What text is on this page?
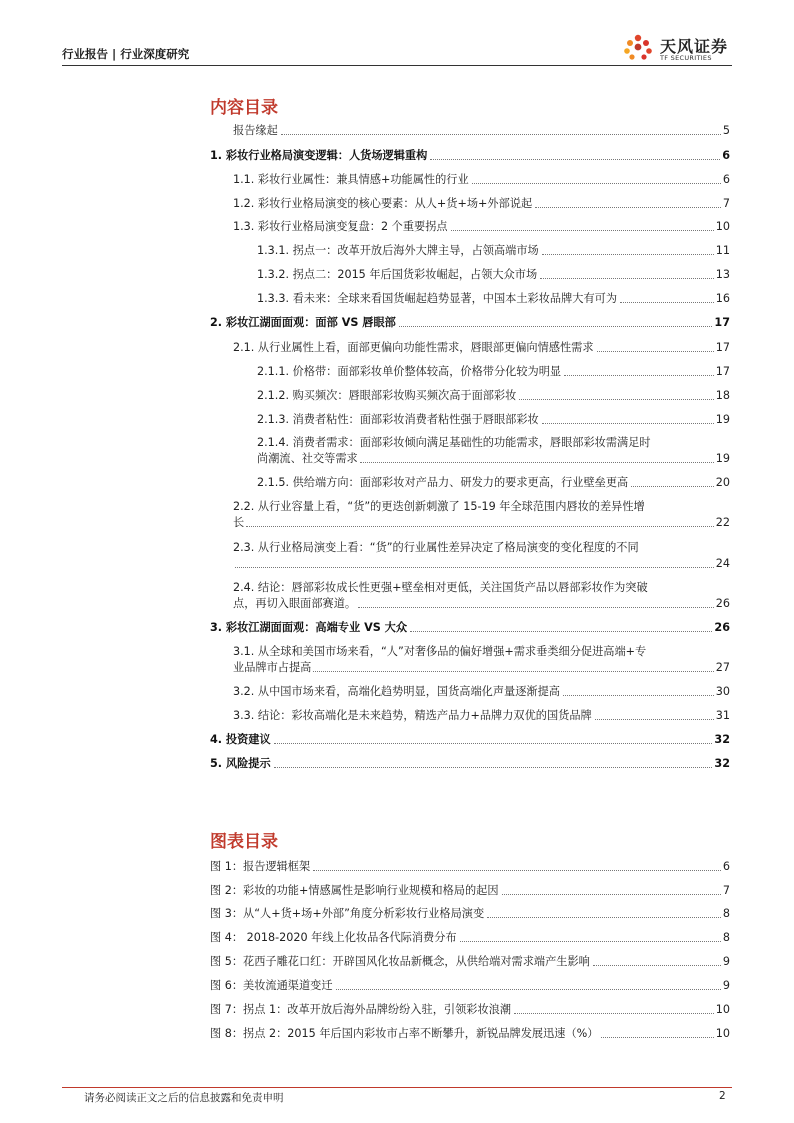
行业报告 | 行业深度研究	天风证券
TF SECURITIES
内容目录
报告缘起	5
1. 彩妆行业格局演变逻辑：人货场逻辑重构	6
1.1. 彩妆行业属性：兼具情感+功能属性的行业	6
1.2. 彩妆行业格局演变的核心要素：从人+货+场+外部说起	7
1.3. 彩妆行业格局演变复盘：2 个重要拐点	10
1.3.1. 拐点一：改革开放后海外大牌主导，占领高端市场	11
1.3.2. 拐点二：2015 年后国货彩妆崛起，占领大众市场	13
1.3.3. 看未来：全球来看国货崛起趋势显著，中国本土彩妆品牌大有可为	16
2. 彩妆江湖面面观：面部 VS 唇眼部	17
2.1. 从行业属性上看，面部更偏向功能性需求，唇眼部更偏向情感性需求	17
2.1.1. 价格带：面部彩妆单价整体较高，价格带分化较为明显	17
2.1.2. 购买频次：唇眼部彩妆购买频次高于面部彩妆	18
2.1.3. 消费者粘性：面部彩妆消费者粘性强于唇眼部彩妆	19
2.1.4. 消费者需求：面部彩妆倾向满足基础性的功能需求，唇眼部彩妆需满足时
尚潮流、社交等需求	19
2.1.5. 供给端方向：面部彩妆对产品力、研发力的要求更高，行业壁垒更高	20
2.2. 从行业容量上看，“货”的更迭创新刺激了 15-19 年全球范围内唇妆的差异性增
长	22
2.3. 从行业格局演变上看：“货”的行业属性差异决定了格局演变的变化程度的不同
24
2.4. 结论：唇部彩妆成长性更强+壁垒相对更低，关注国货产品以唇部彩妆作为突破
点，再切入眼面部赛道。	26
3. 彩妆江湖面面观：高端专业 VS 大众	26
3.1. 从全球和美国市场来看，“人”对奢侈品的偏好增强+需求垂类细分促进高端+专
业品牌市占提高	27
3.2. 从中国市场来看，高端化趋势明显，国货高端化声量逐渐提高	30
3.3. 结论：彩妆高端化是未来趋势，精选产品力+品牌力双优的国货品牌	31
4. 投资建议	32
5. 风险提示	32
图表目录
图 1：报告逻辑框架	6
图 2：彩妆的功能+情感属性是影响行业规模和格局的起因	7
图 3：从“人+货+场+外部”角度分析彩妆行业格局演变	8
图 4： 2018-2020 年线上化妆品各代际消费分布	8
图 5：花西子雕花口红：开辟国风化妆品新概念，从供给端对需求端产生影响	9
图 6：美妆流通渠道变迁	9
图 7：拐点 1：改革开放后海外品牌纷纷入驻，引领彩妆浪潮	10
图 8：拐点 2：2015 年后国内彩妆市占率不断攀升，新锐品牌发展迅速（%）	10
请务必阅读正文之后的信息披露和免责申明	2
